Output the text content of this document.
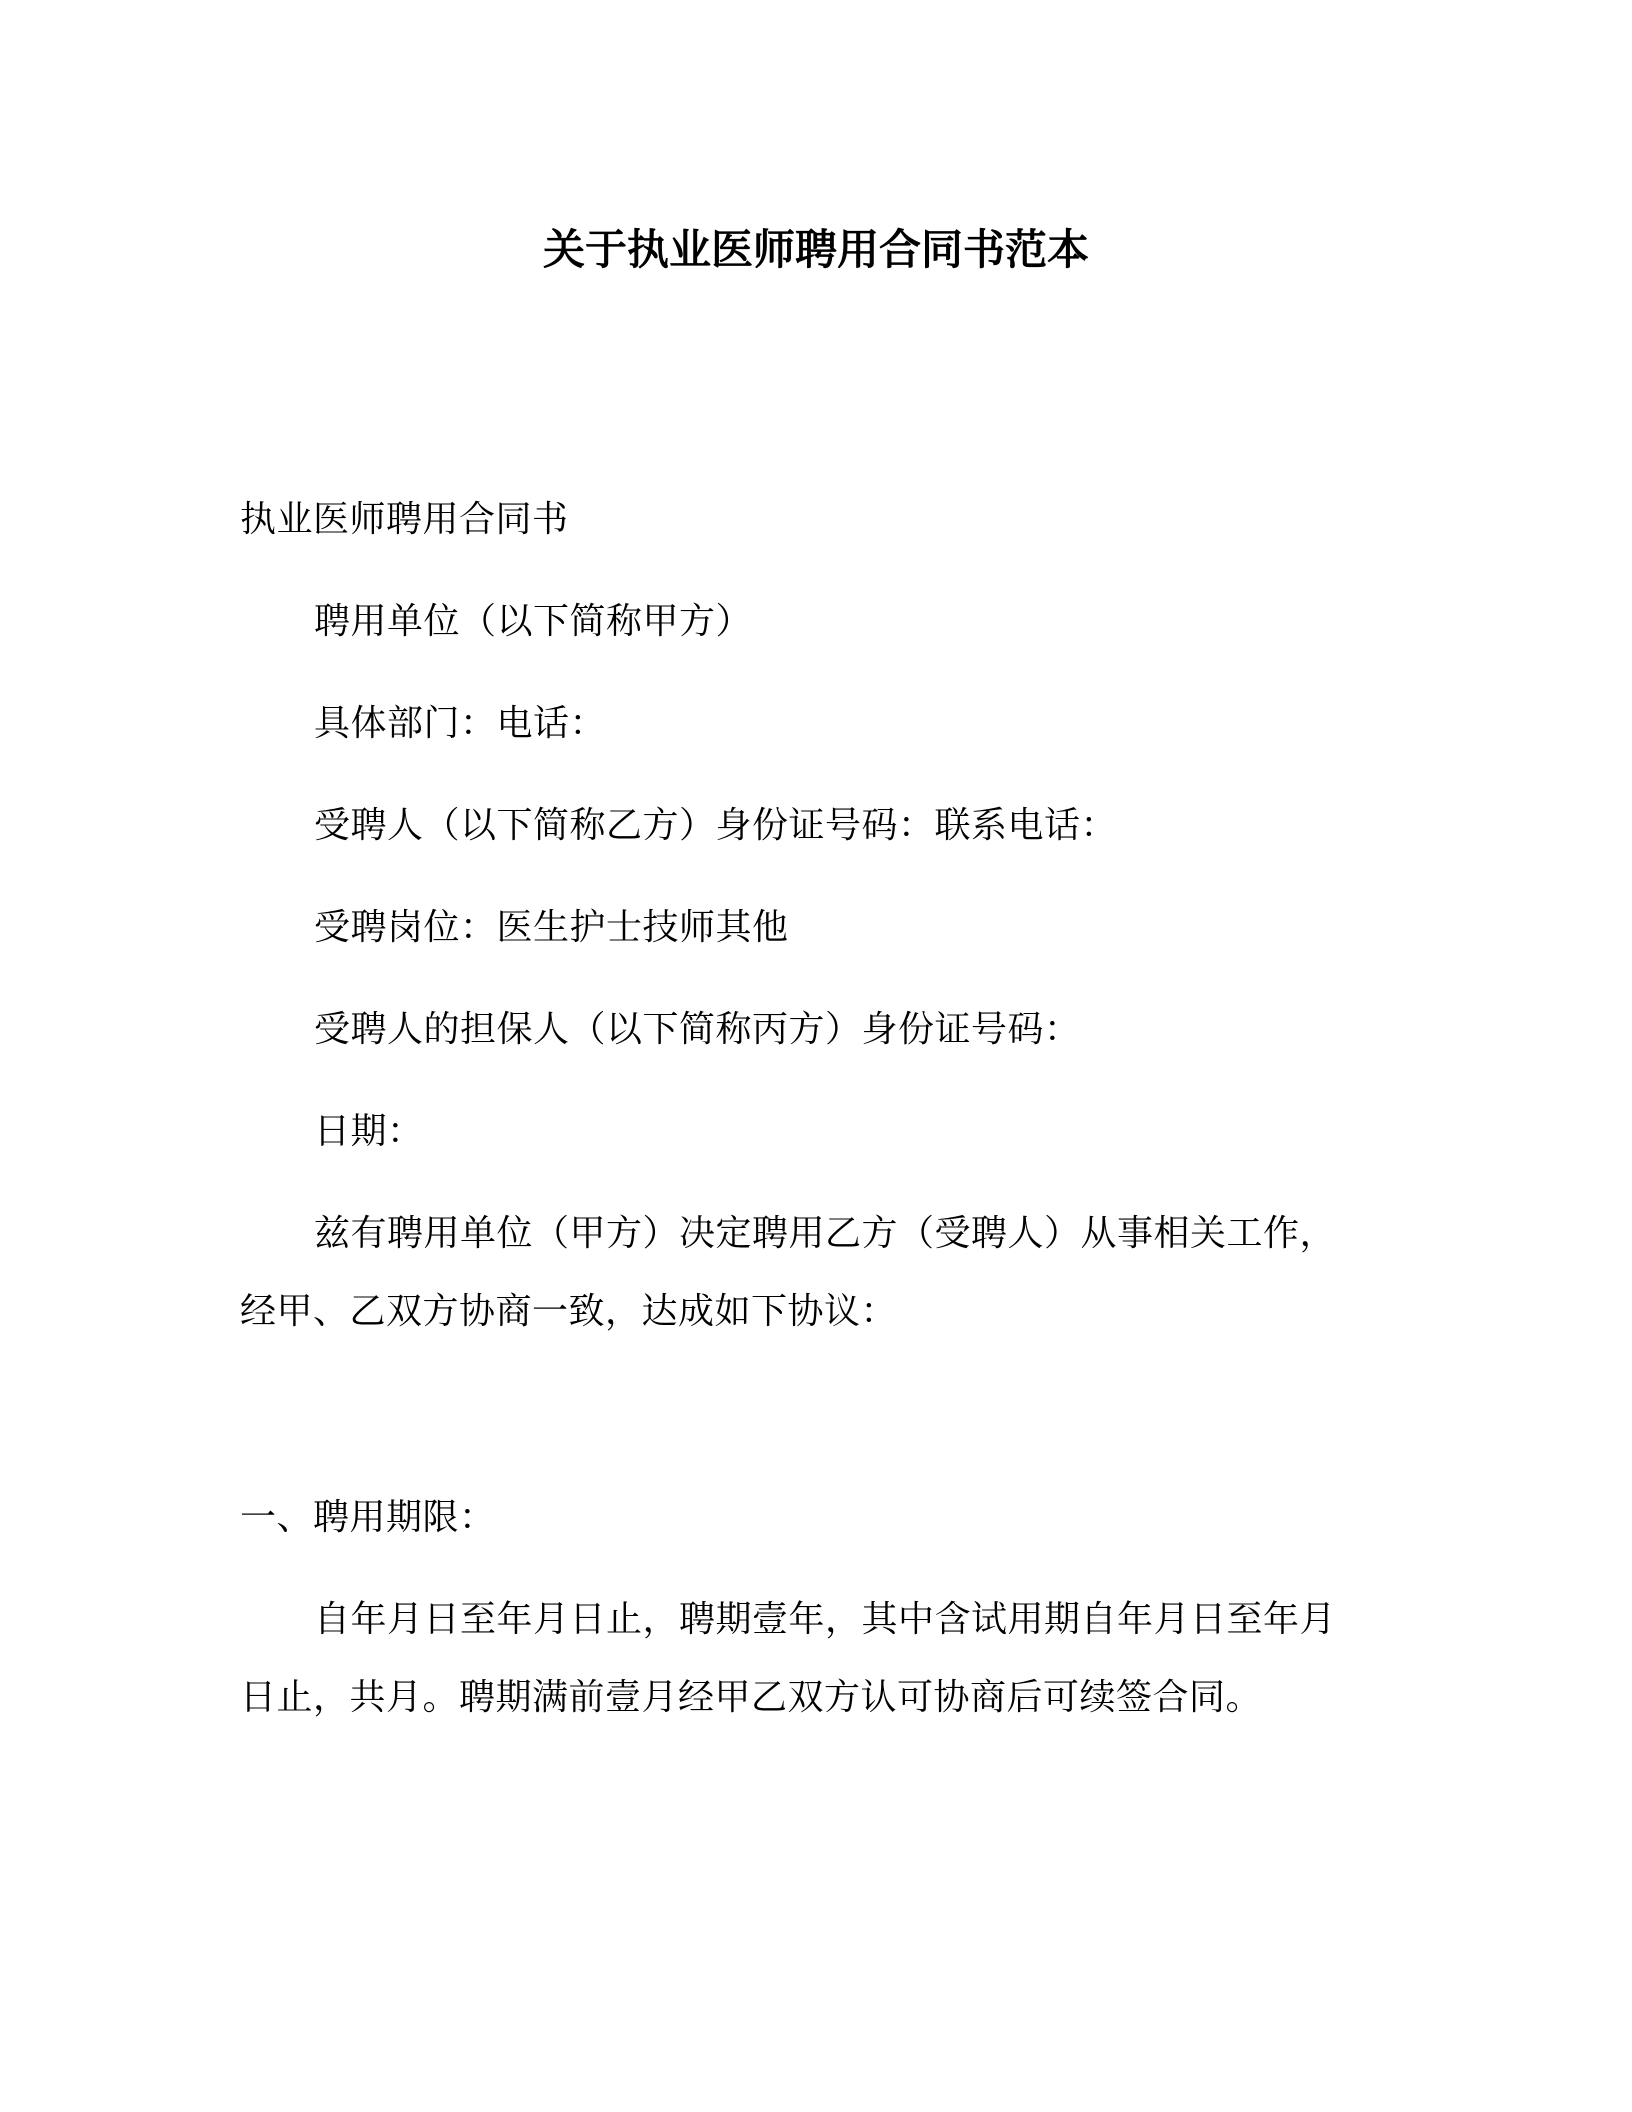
关于执业医师聘用合同书范本
执业医师聘用合同书
聘用单位（以下简称甲方）
具体部门：电话：
受聘人（以下简称乙方）身份证号码：联系电话：
受聘岗位：医生护士技师其他
受聘人的担保人（以下简称丙方）身份证号码：
日期：
兹有聘用单位（甲方）决定聘用乙方（受聘人）从事相关工作，
经甲、乙双方协商一致，达成如下协议：
一、聘用期限：
自年月日至年月日止，聘期壹年，其中含试用期自年月日至年月
日止，共月。聘期满前壹月经甲乙双方认可协商后可续签合同。
